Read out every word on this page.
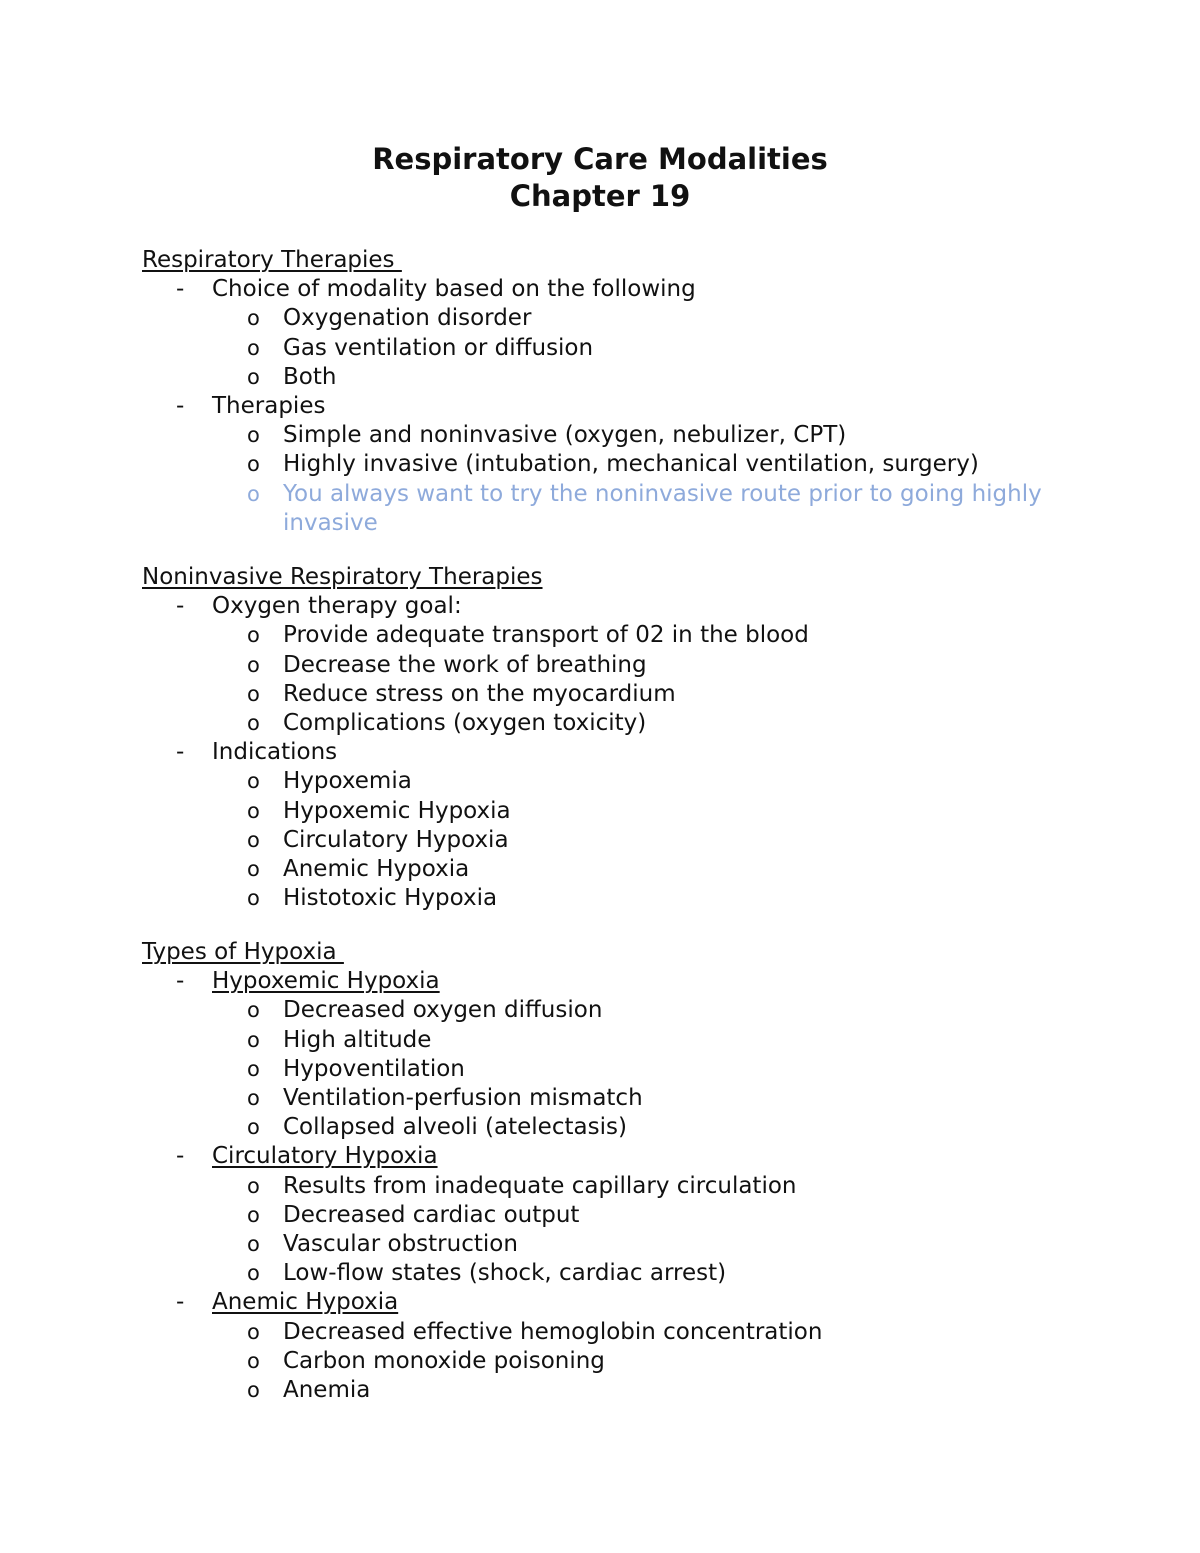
Respiratory Care Modalities
Chapter 19
Respiratory Therapies
- Choice of modality based on the following
o Oxygenation disorder
o Gas ventilation or diffusion
o Both
- Therapies
o Simple and noninvasive (oxygen, nebulizer, CPT)
o Highly invasive (intubation, mechanical ventilation, surgery)
o You always want to try the noninvasive route prior to going highly invasive
Noninvasive Respiratory Therapies
- Oxygen therapy goal:
o Provide adequate transport of 02 in the blood
o Decrease the work of breathing
o Reduce stress on the myocardium
o Complications (oxygen toxicity)
- Indications
o Hypoxemia
o Hypoxemic Hypoxia
o Circulatory Hypoxia
o Anemic Hypoxia
o Histotoxic Hypoxia
Types of Hypoxia
- Hypoxemic Hypoxia
o Decreased oxygen diffusion
o High altitude
o Hypoventilation
o Ventilation-perfusion mismatch
o Collapsed alveoli (atelectasis)
- Circulatory Hypoxia
o Results from inadequate capillary circulation
o Decreased cardiac output
o Vascular obstruction
o Low-flow states (shock, cardiac arrest)
- Anemic Hypoxia
o Decreased effective hemoglobin concentration
o Carbon monoxide poisoning
o Anemia
